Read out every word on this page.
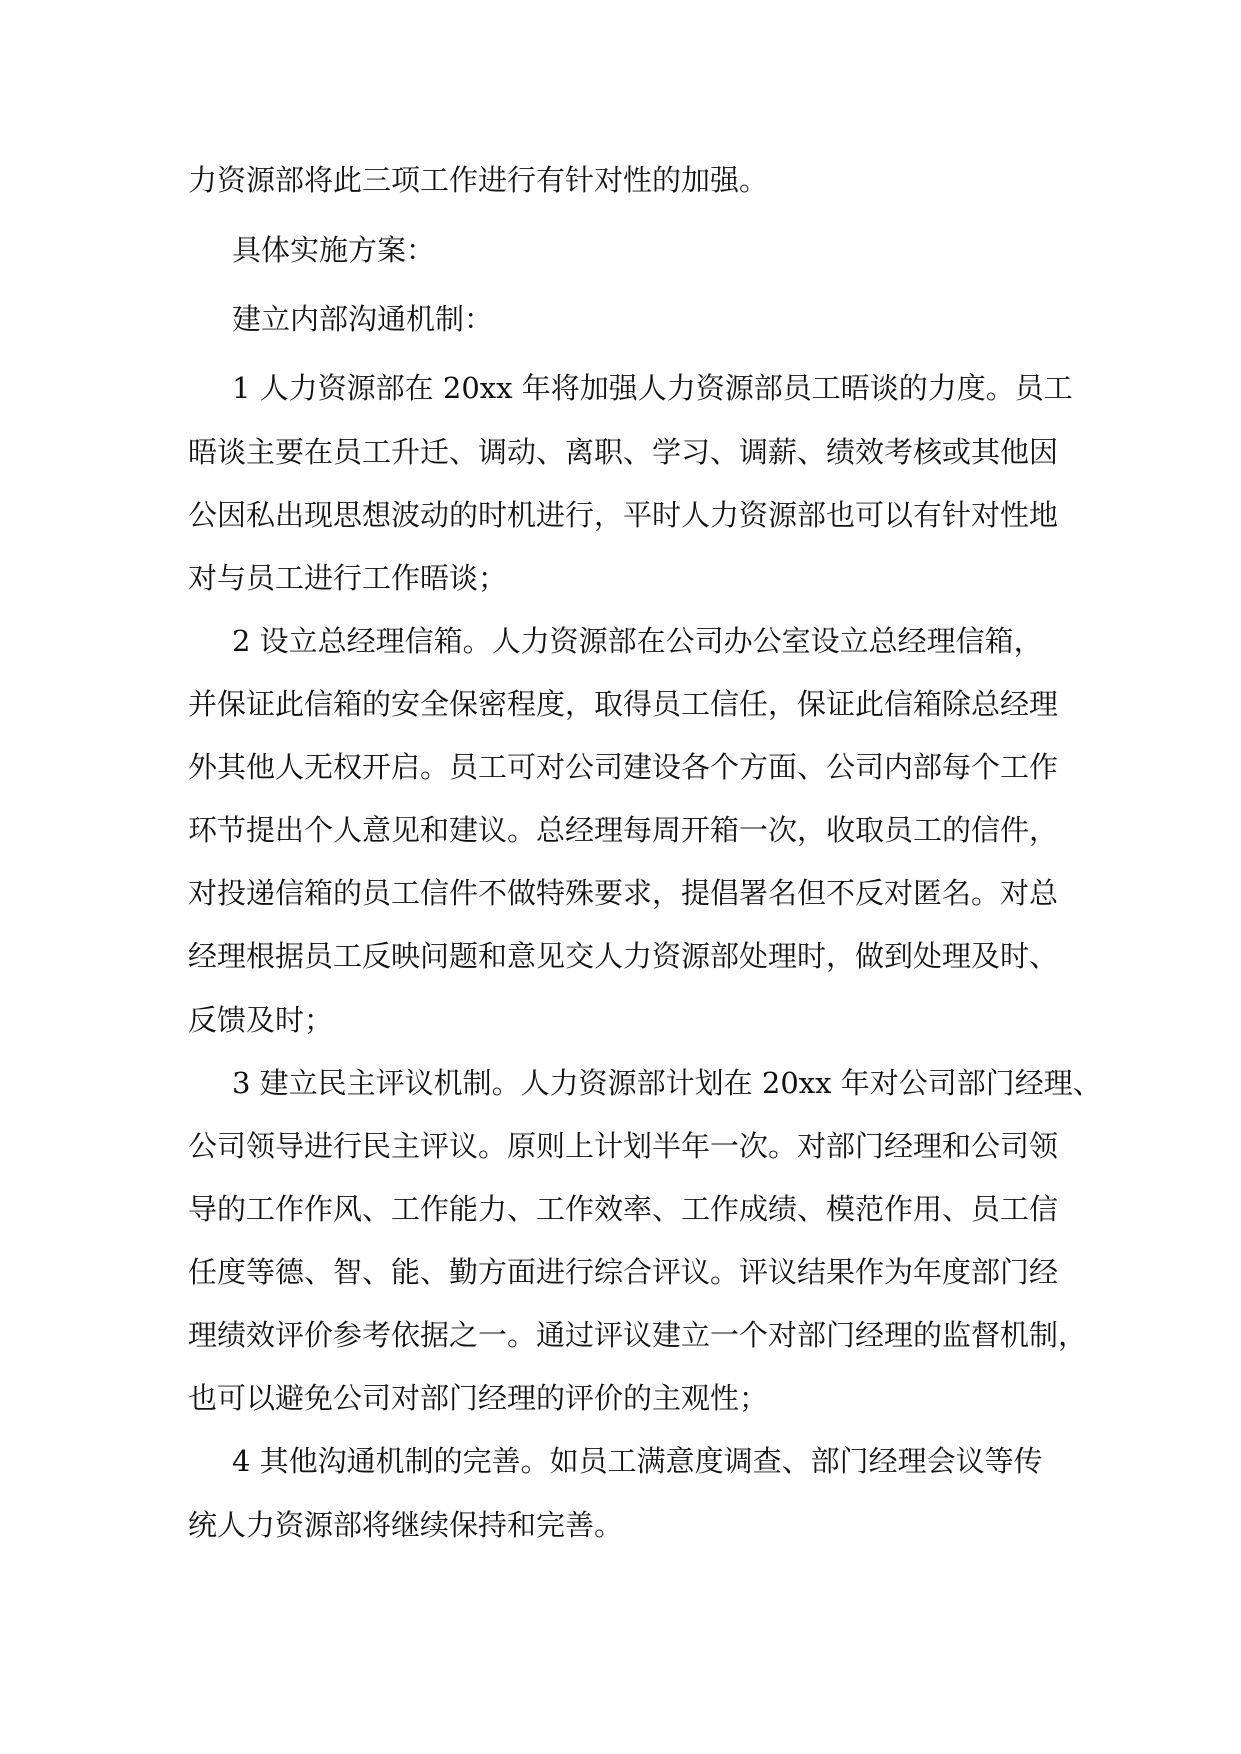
力资源部将此三项工作进行有针对性的加强。
具体实施方案：
建立内部沟通机制：
1 人力资源部在 20xx 年将加强人力资源部员工晤谈的力度。员工
晤谈主要在员工升迁、调动、离职、学习、调薪、绩效考核或其他因
公因私出现思想波动的时机进行，平时人力资源部也可以有针对性地
对与员工进行工作晤谈；
2 设立总经理信箱。人力资源部在公司办公室设立总经理信箱，
并保证此信箱的安全保密程度，取得员工信任，保证此信箱除总经理
外其他人无权开启。员工可对公司建设各个方面、公司内部每个工作
环节提出个人意见和建议。总经理每周开箱一次，收取员工的信件，
对投递信箱的员工信件不做特殊要求，提倡署名但不反对匿名。对总
经理根据员工反映问题和意见交人力资源部处理时，做到处理及时、
反馈及时；
3 建立民主评议机制。人力资源部计划在 20xx 年对公司部门经理、
公司领导进行民主评议。原则上计划半年一次。对部门经理和公司领
导的工作作风、工作能力、工作效率、工作成绩、模范作用、员工信
任度等德、智、能、勤方面进行综合评议。评议结果作为年度部门经
理绩效评价参考依据之一。通过评议建立一个对部门经理的监督机制，
也可以避免公司对部门经理的评价的主观性；
4 其他沟通机制的完善。如员工满意度调查、部门经理会议等传
统人力资源部将继续保持和完善。
